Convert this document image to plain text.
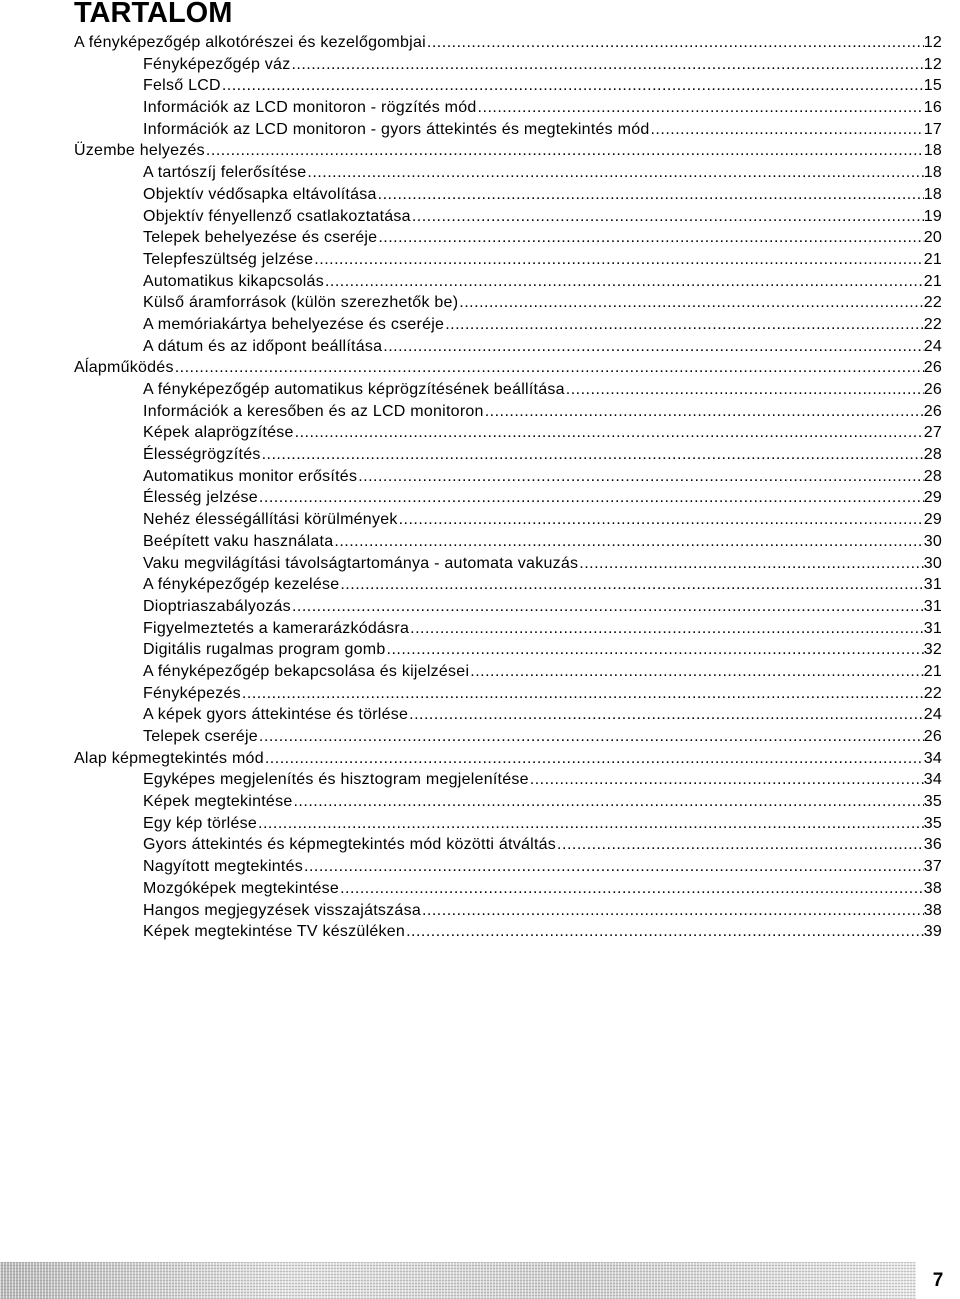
TARTALOM
A fényképezőgép alkotórészei és kezelőgombjai .....	12
Fényképezőgép váz .....	12
Felső LCD .....	15
Információk az LCD monitoron - rögzítés mód .....	16
Információk az LCD monitoron - gyors áttekintés és megtekintés mód .....	17
Üzembe helyezés .....	18
A tartószíj felerősítése .....	18
Objektív védősapka eltávolítása .....	18
Objektív fényellenző csatlakoztatása .....	19
Telepek behelyezése és cseréje .....	20
Telepfeszültség jelzése .....	21
Automatikus kikapcsolás .....	21
Külső áramforrások (külön szerezhetők be) .....	22
A memóriakártya behelyezése és cseréje .....	22
A dátum és az időpont beállítása .....	24
Aĺapműködés .....	26
A fényképezőgép automatikus képrögzítésének beállítása .....	26
Információk a keresőben és az LCD monitoron .....	26
Képek alaprögzítése .....	27
Élességrögzítés .....	28
Automatikus monitor erősítés .....	28
Élesség jelzése .....	29
Nehéz élességállítási körülmények .....	29
Beépített vaku használata .....	30
Vaku megvilágítási távolságtartománya - automata vakuzás .....	30
A fényképezőgép kezelése .....	31
Dioptriaszabályozás .....	31
Figyelmeztetés a kamerarázkódásra .....	31
Digitális rugalmas program gomb .....	32
A fényképezőgép bekapcsolása és kijelzései .....	21
Fényképezés .....	22
A képek gyors áttekintése és törlése .....	24
Telepek cseréje .....	26
Alap képmegtekintés mód .....	34
Egyképes megjelenítés és hisztogram megjelenítése .....	34
Képek megtekintése .....	35
Egy kép törlése .....	35
Gyors áttekintés és képmegtekintés mód közötti átváltás .....	36
Nagyított megtekintés .....	37
Mozgóképek megtekintése .....	38
Hangos megjegyzések visszajátszása .....	38
Képek megtekintése TV készüléken .....	39
7
